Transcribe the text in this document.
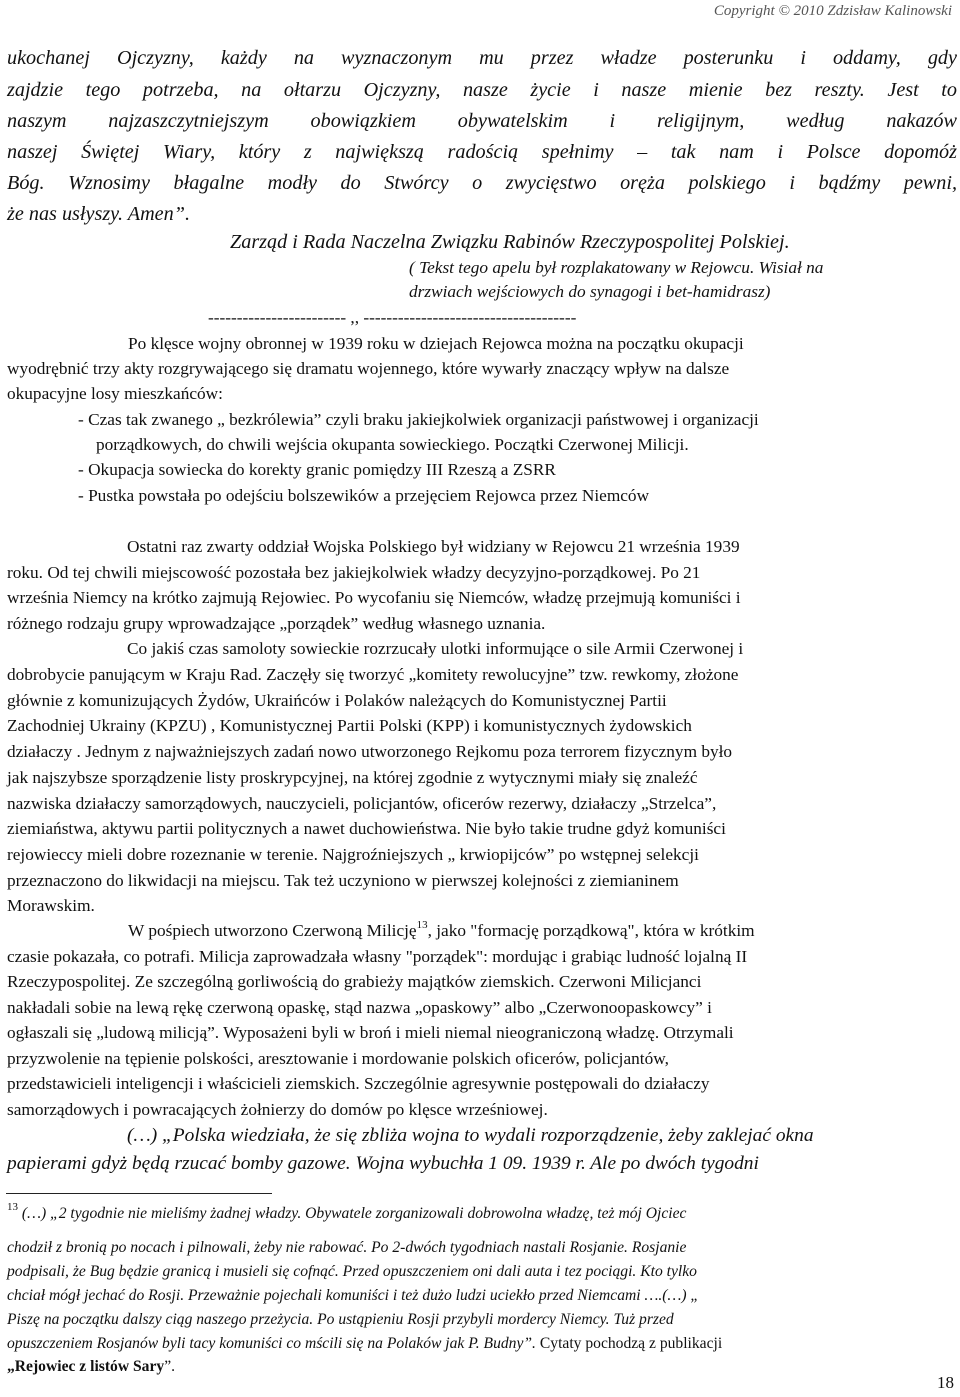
Copyright © 2010 Zdzisław Kalinowski
ukochanej Ojczyzny, każdy na wyznaczonym mu przez władze posterunku i oddamy, gdy
zajdzie tego potrzeba, na ołtarzu Ojczyzny, nasze życie i nasze mienie bez reszty. Jest to
naszym najzaszczytniejszym obowiązkiem obywatelskim i religijnym, według nakazów
naszej Świętej Wiary, który z największą radością spełnimy – tak nam i Polsce dopomóż
Bóg. Wznosimy błagalne modły do Stwórcy o zwycięstwo oręża polskiego i bądźmy pewni,
że nas usłyszy. Amen”.
Zarząd i Rada Naczelna Związku Rabinów Rzeczypospolitej Polskiej.
( Tekst tego apelu był rozplakatowany w Rejowcu. Wisiał na
drzwiach wejściowych do synagogi i bet-hamidrasz)
------------------------ ,, -------------------------------------
Po klęsce wojny obronnej w 1939 roku w dziejach Rejowca można na początku okupacji
wyodrębnić trzy akty rozgrywającego się dramatu wojennego, które wywarły znaczący wpływ na dalsze
okupacyjne losy mieszkańców:
- Czas tak zwanego „ bezkrólewia” czyli braku jakiejkolwiek organizacji państwowej i organizacji
porządkowych, do chwili wejścia okupanta sowieckiego. Początki Czerwonej Milicji.
- Okupacja sowiecka do korekty granic pomiędzy III Rzeszą a ZSRR
- Pustka powstała po odejściu bolszewików a przejęciem Rejowca przez Niemców
Ostatni raz zwarty oddział Wojska Polskiego był widziany w Rejowcu 21 września 1939
roku. Od tej chwili miejscowość pozostała bez jakiejkolwiek władzy decyzyjno-porządkowej. Po 21
września Niemcy na krótko zajmują Rejowiec. Po wycofaniu się Niemców, władzę przejmują komuniści i
różnego rodzaju grupy wprowadzające „porządek” według własnego uznania.
Co jakiś czas samoloty sowieckie rozrzucały ulotki informujące o sile Armii Czerwonej i
dobrobycie panującym w Kraju Rad. Zaczęły się tworzyć „komitety rewolucyjne” tzw. rewkomy, złożone
głównie z komunizujących Żydów, Ukraińców i Polaków należących do Komunistycznej Partii
Zachodniej Ukrainy (KPZU) , Komunistycznej Partii Polski (KPP) i komunistycznych żydowskich
działaczy . Jednym z najważniejszych zadań nowo utworzonego Rejkomu poza terrorem fizycznym było
jak najszybsze sporządzenie listy proskrypcyjnej, na której zgodnie z wytycznymi miały się znaleźć
nazwiska działaczy samorządowych, nauczycieli, policjantów, oficerów rezerwy, działaczy „Strzelca”,
ziemiaństwa, aktywu partii politycznych a nawet duchowieństwa. Nie było takie trudne gdyż komuniści
rejowieccy mieli dobre rozeznanie w terenie. Najgroźniejszych „ krwiopijców” po wstępnej selekcji
przeznaczono do likwidacji na miejscu. Tak też uczyniono w pierwszej kolejności z ziemianinem
Morawskim.
W pośpiech utworzono Czerwoną Milicję$^{13}$, jako "formację porządkową", która w krótkim
czasie pokazała, co potrafi. Milicja zaprowadzała własny "porządek": mordując i grabiąc ludność lojalną II
Rzeczypospolitej. Ze szczególną gorliwością do grabieży majątków ziemskich. Czerwoni Milicjanci
nakładali sobie na lewą rękę czerwoną opaskę, stąd nazwa „opaskowy” albo „Czerwonoopaskowcy” i
ogłaszali się „ludową milicją”. Wyposażeni byli w broń i mieli niemal nieograniczoną władzę. Otrzymali
przyzwolenie na tępienie polskości, aresztowanie i mordowanie polskich oficerów, policjantów,
przedstawicieli inteligencji i właścicieli ziemskich. Szczególnie agresywnie postępowali do działaczy
samorządowych i powracających żołnierzy do domów po klęsce wrześniowej.
(…) „Polska wiedziała, że się zbliża wojna to wydali rozporządzenie, żeby zaklejać okna
papierami gdyż będą rzucać bomby gazowe. Wojna wybuchła 1 09. 1939 r. Ale po dwóch tygodni
$^{13}$ (…) „2 tygodnie nie mieliśmy żadnej władzy. Obywatele zorganizowali dobrowolna władzę, też mój Ojciec
chodził z bronią po nocach i pilnowali, żeby nie rabować. Po 2-dwóch tygodniach nastali Rosjanie. Rosjanie
podpisali, że Bug będzie granicą i musieli się cofnąć. Przed opuszczeniem oni dali auta i tez pociągi. Kto tylko
chciał mógł jechać do Rosji. Przeważnie pojechali komuniści i też dużo ludzi uciekło przed Niemcami ….(…) „
Piszę na początku dalszy ciąg naszego przeżycia. Po ustąpieniu Rosji przybyli mordercy Niemcy. Tuż przed
opuszczeniem Rosjanów byli tacy komuniści co mścili się na Polaków jak P. Budny”. Cytaty pochodzą z publikacji
„Rejowiec z listów Sary”.
18
